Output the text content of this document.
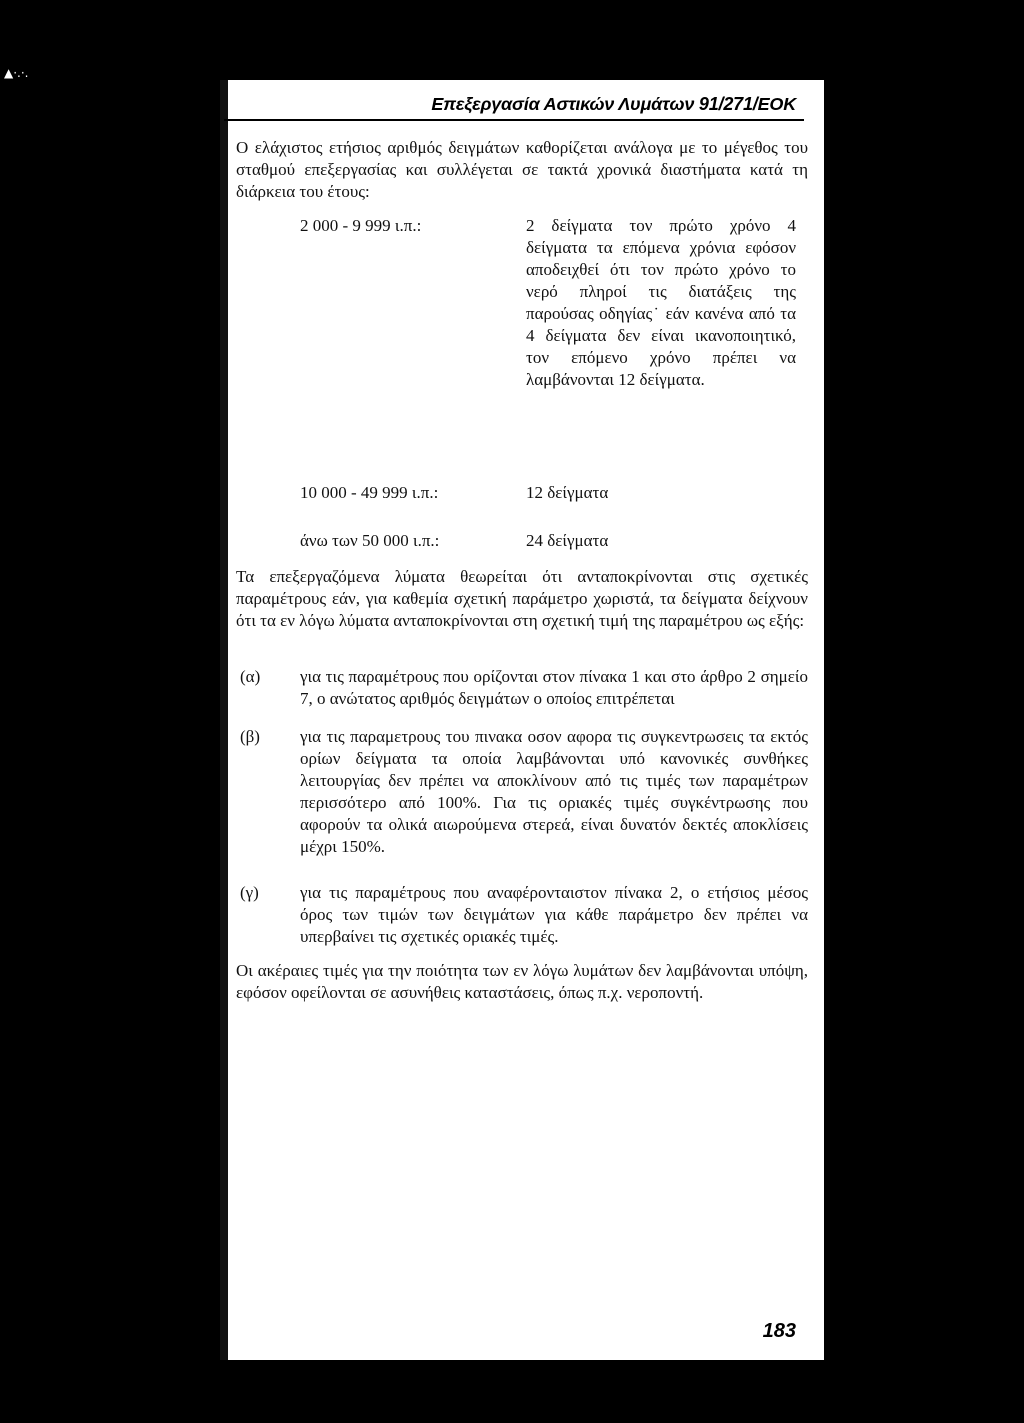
▲·.·.
Επεξεργασία Αστικών Λυμάτων 91/271/ΕΟΚ
Ο ελάχιστος ετήσιος αριθμός δειγμάτων καθορίζεται ανάλογα με το μέγεθος του σταθμού επεξεργασίας και συλλέγεται σε τακτά χρονικά διαστήματα κατά τη διάρκεια του έτους:
2 000 - 9 999 ι.π.:	2 δείγματα τον πρώτο χρόνο 4 δείγματα τα επόμενα χρόνια εφόσον αποδειχθεί ότι τον πρώτο χρόνο το νερό πληροί τις διατάξεις της παρούσας οδηγίας˙ εάν κανένα από τα 4 δείγματα δεν είναι ικανοποιητικό, τον επόμενο χρόνο πρέπει να λαμβάνονται 12 δείγματα.
10 000 - 49 999 ι.π.:	12 δείγματα
άνω των 50 000 ι.π.:	24 δείγματα
Τα επεξεργαζόμενα λύματα θεωρείται ότι ανταποκρίνονται στις σχετικές παραμέτρους εάν, για καθεμία σχετική παράμετρο χωριστά, τα δείγματα δείχνουν ότι τα εν λόγω λύματα ανταποκρίνονται στη σχετική τιμή της παραμέτρου ως εξής:
(α) για τις παραμέτρους που ορίζονται στον πίνακα 1 και στο άρθρο 2 σημείο 7, ο ανώτατος αριθμός δειγμάτων ο οποίος επιτρέπεται
(β) για τις παραμετρους του πινακα οσον αφορα τις συγκεντρωσεις τα εκτός ορίων δείγματα τα οποία λαμβάνονται υπό κανονικές συνθήκες λειτουργίας δεν πρέπει να αποκλίνουν από τις τιμές των παραμέτρων περισσότερο από 100%. Για τις οριακές τιμές συγκέντρωσης που αφορούν τα ολικά αιωρούμενα στερεά, είναι δυνατόν δεκτές αποκλίσεις μέχρι 150%.
(γ) για τις παραμέτρους που αναφέρονταιστον πίνακα 2, ο ετήσιος μέσος όρος των τιμών των δειγμάτων για κάθε παράμετρο δεν πρέπει να υπερβαίνει τις σχετικές οριακές τιμές.
Οι ακέραιες τιμές για την ποιότητα των εν λόγω λυμάτων δεν λαμβάνονται υπόψη, εφόσον οφείλονται σε ασυνήθεις καταστάσεις, όπως π.χ. νεροποντή.
183
